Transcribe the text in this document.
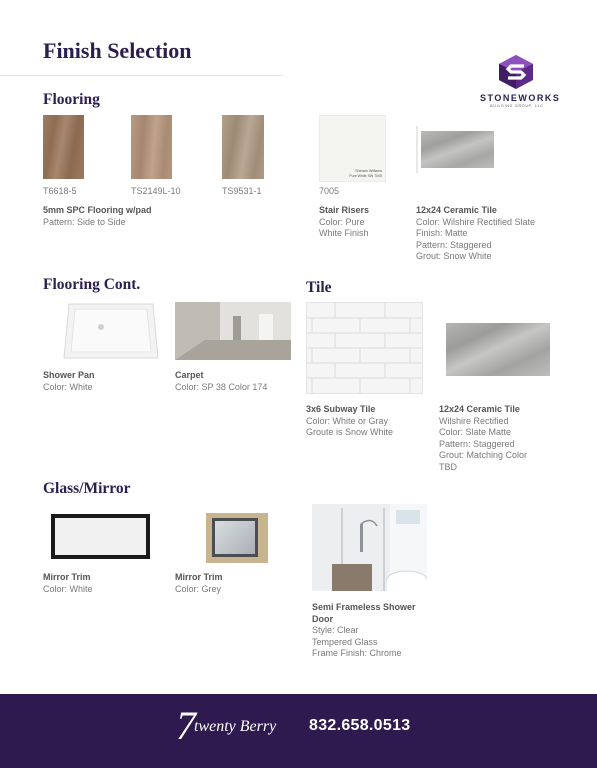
Finish Selection
STONEWORKS
BUILDING GROUP, LLC
Flooring
T6618-5	TS2149L-10	TS9531-1
5mm SPC Flooring w/pad
Pattern: Side to Side
Sherwin Williams
Pure White SW 7005
7005
Stair Risers
Color: Pure
White Finish
12x24 Ceramic Tile
Color: Wilshire Rectified Slate
Finish: Matte
Pattern: Staggered
Grout: Snow White
Flooring Cont.
Shower Pan
Color: White
Carpet
Color: SP 38 Color 174
Tile
3x6 Subway Tile
Color: White or Gray
Groute is Snow White
12x24 Ceramic Tile
Wilshire Rectified
Color: Slate Matte
Pattern: Staggered
Grout: Matching Color
TBD
Glass/Mirror
Mirror Trim
Color: White
Mirror Trim
Color: Grey
Semi Frameless Shower
Door
Style: Clear
Tempered Glass
Frame Finish: Chrome
7
twenty Berry 832.658.0513
